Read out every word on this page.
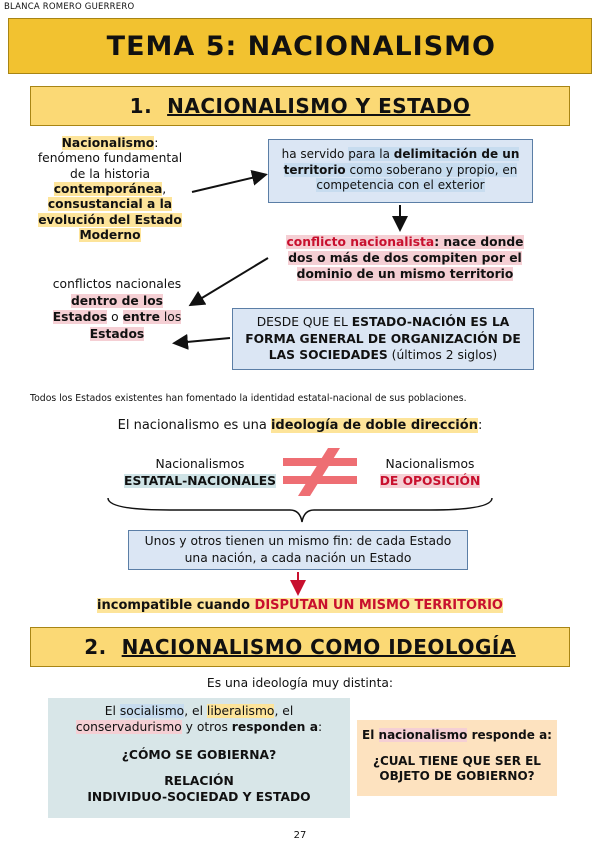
BLANCA ROMERO GUERRERO
TEMA 5: NACIONALISMO
1. NACIONALISMO Y ESTADO
Nacionalismo:
fenómeno fundamental de la historia contemporánea, consustancial a la evolución del Estado Moderno
ha servido para la delimitación de un territorio como soberano y propio, en competencia con el exterior
conflicto nacionalista: nace donde dos o más de dos compiten por el dominio de un mismo territorio
conflictos nacionales dentro de los Estados o entre los Estados
DESDE QUE EL ESTADO-NACIÓN ES LA FORMA GENERAL DE ORGANIZACIÓN DE LAS SOCIEDADES (últimos 2 siglos)
Todos los Estados existentes han fomentado la identidad estatal-nacional de sus poblaciones.
El nacionalismo es una ideología de doble dirección:
Nacionalismos
ESTATAL-NACIONALES
Nacionalismos
DE OPOSICIÓN
Unos y otros tienen un mismo fin: de cada Estado
una nación, a cada nación un Estado
incompatible cuando DISPUTAN UN MISMO TERRITORIO
2. NACIONALISMO COMO IDEOLOGÍA
Es una ideología muy distinta:
El socialismo, el liberalismo, el
conservadurismo y otros responden a:
¿CÓMO SE GOBIERNA?
RELACIÓN
INDIVIDUO-SOCIEDAD Y ESTADO
El nacionalismo responde a:
¿CUAL TIENE QUE SER EL
OBJETO DE GOBIERNO?
27
